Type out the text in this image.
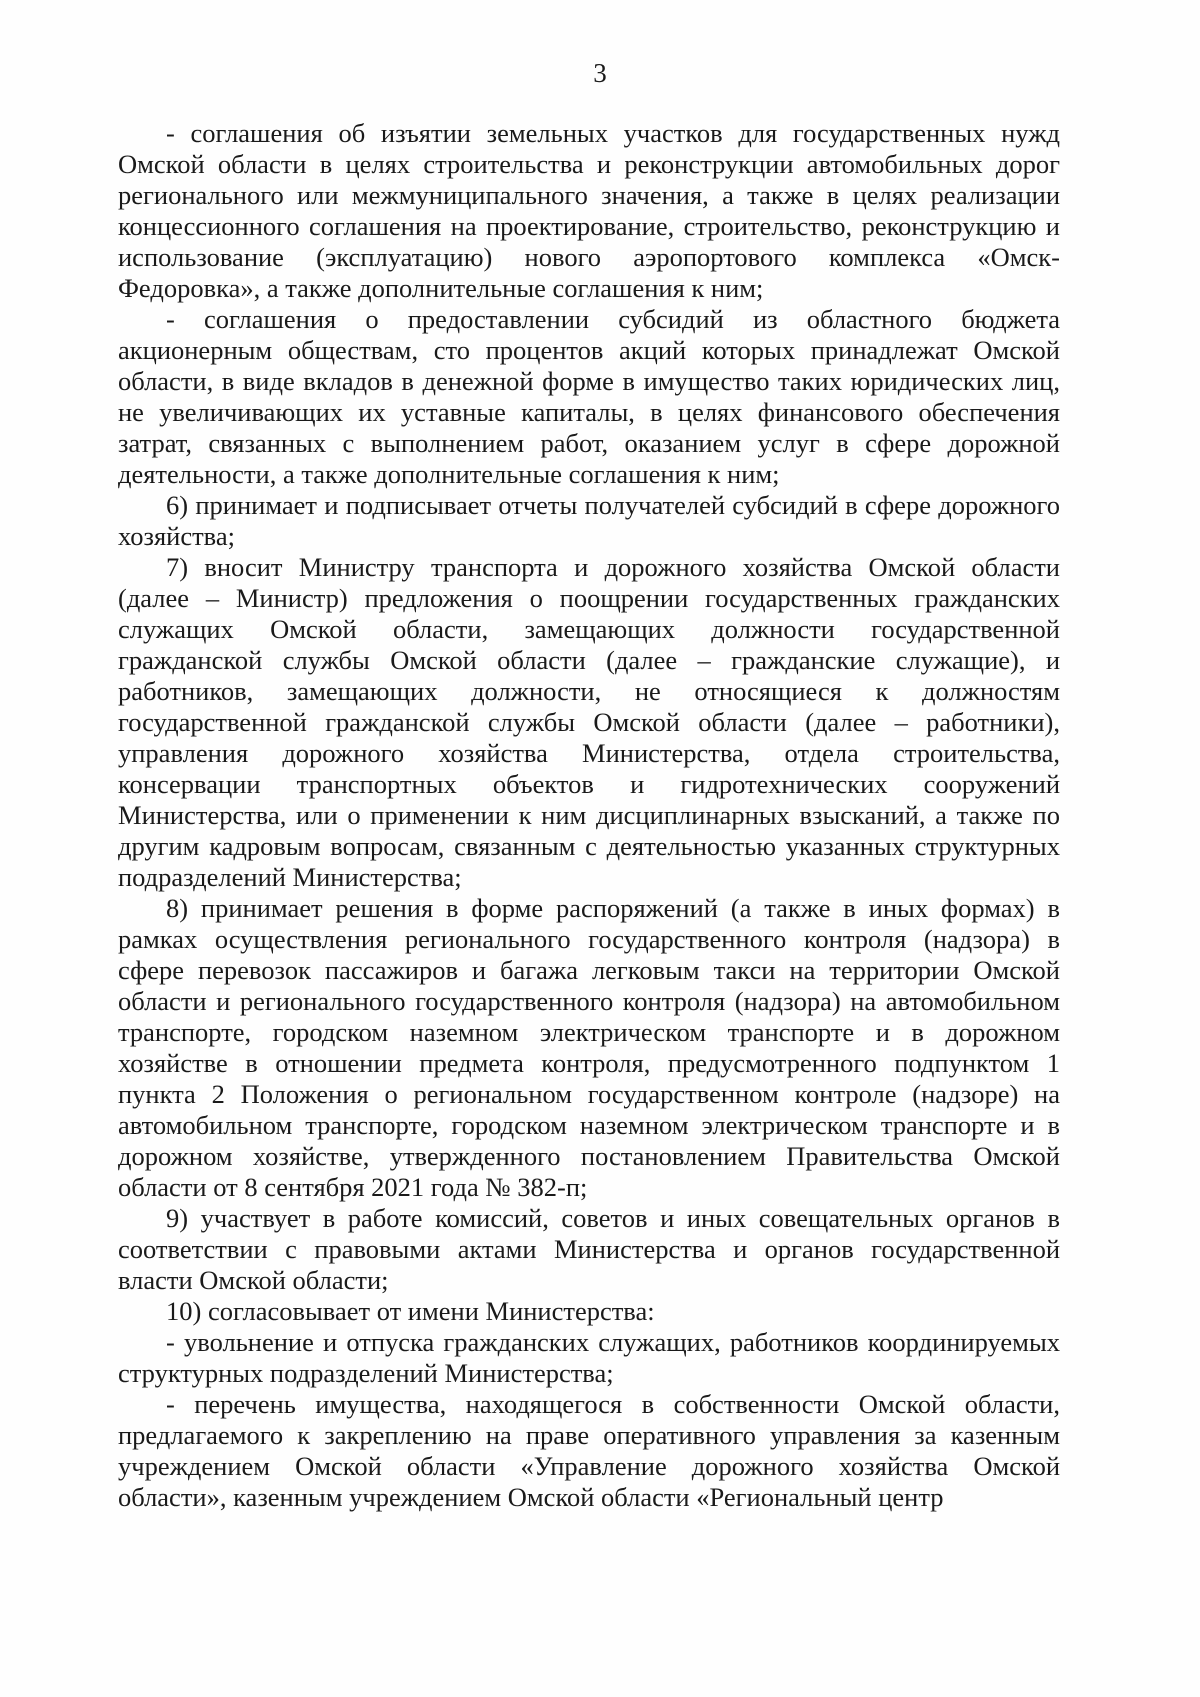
3

- соглашения об изъятии земельных участков для государственных нужд Омской области в целях строительства и реконструкции автомобильных дорог регионального или межмуниципального значения, а также в целях реализации концессионного соглашения на проектирование, строительство, реконструкцию и использование (эксплуатацию) нового аэропортового комплекса «Омск-Федоровка», а также дополнительные соглашения к ним;

- соглашения о предоставлении субсидий из областного бюджета акционерным обществам, сто процентов акций которых принадлежат Омской области, в виде вкладов в денежной форме в имущество таких юридических лиц, не увеличивающих их уставные капиталы, в целях финансового обеспечения затрат, связанных с выполнением работ, оказанием услуг в сфере дорожной деятельности, а также дополнительные соглашения к ним;

6) принимает и подписывает отчеты получателей субсидий в сфере дорожного хозяйства;

7) вносит Министру транспорта и дорожного хозяйства Омской области (далее – Министр) предложения о поощрении государственных гражданских служащих Омской области, замещающих должности государственной гражданской службы Омской области (далее – гражданские служащие), и работников, замещающих должности, не относящиеся к должностям государственной гражданской службы Омской области (далее – работники), управления дорожного хозяйства Министерства, отдела строительства, консервации транспортных объектов и гидротехнических сооружений Министерства, или о применении к ним дисциплинарных взысканий, а также по другим кадровым вопросам, связанным с деятельностью указанных структурных подразделений Министерства;

8) принимает решения в форме распоряжений (а также в иных формах) в рамках осуществления регионального государственного контроля (надзора) в сфере перевозок пассажиров и багажа легковым такси на территории Омской области и регионального государственного контроля (надзора) на автомобильном транспорте, городском наземном электрическом транспорте и в дорожном хозяйстве в отношении предмета контроля, предусмотренного подпунктом 1 пункта 2 Положения о региональном государственном контроле (надзоре) на автомобильном транспорте, городском наземном электрическом транспорте и в дорожном хозяйстве, утвержденного постановлением Правительства Омской области от 8 сентября 2021 года № 382-п;

9) участвует в работе комиссий, советов и иных совещательных органов в соответствии с правовыми актами Министерства и органов государственной власти Омской области;

10) согласовывает от имени Министерства:

- увольнение и отпуска гражданских служащих, работников координируемых структурных подразделений Министерства;

- перечень имущества, находящегося в собственности Омской области, предлагаемого к закреплению на праве оперативного управления за казенным учреждением Омской области «Управление дорожного хозяйства Омской области», казенным учреждением Омской области «Региональный центр
